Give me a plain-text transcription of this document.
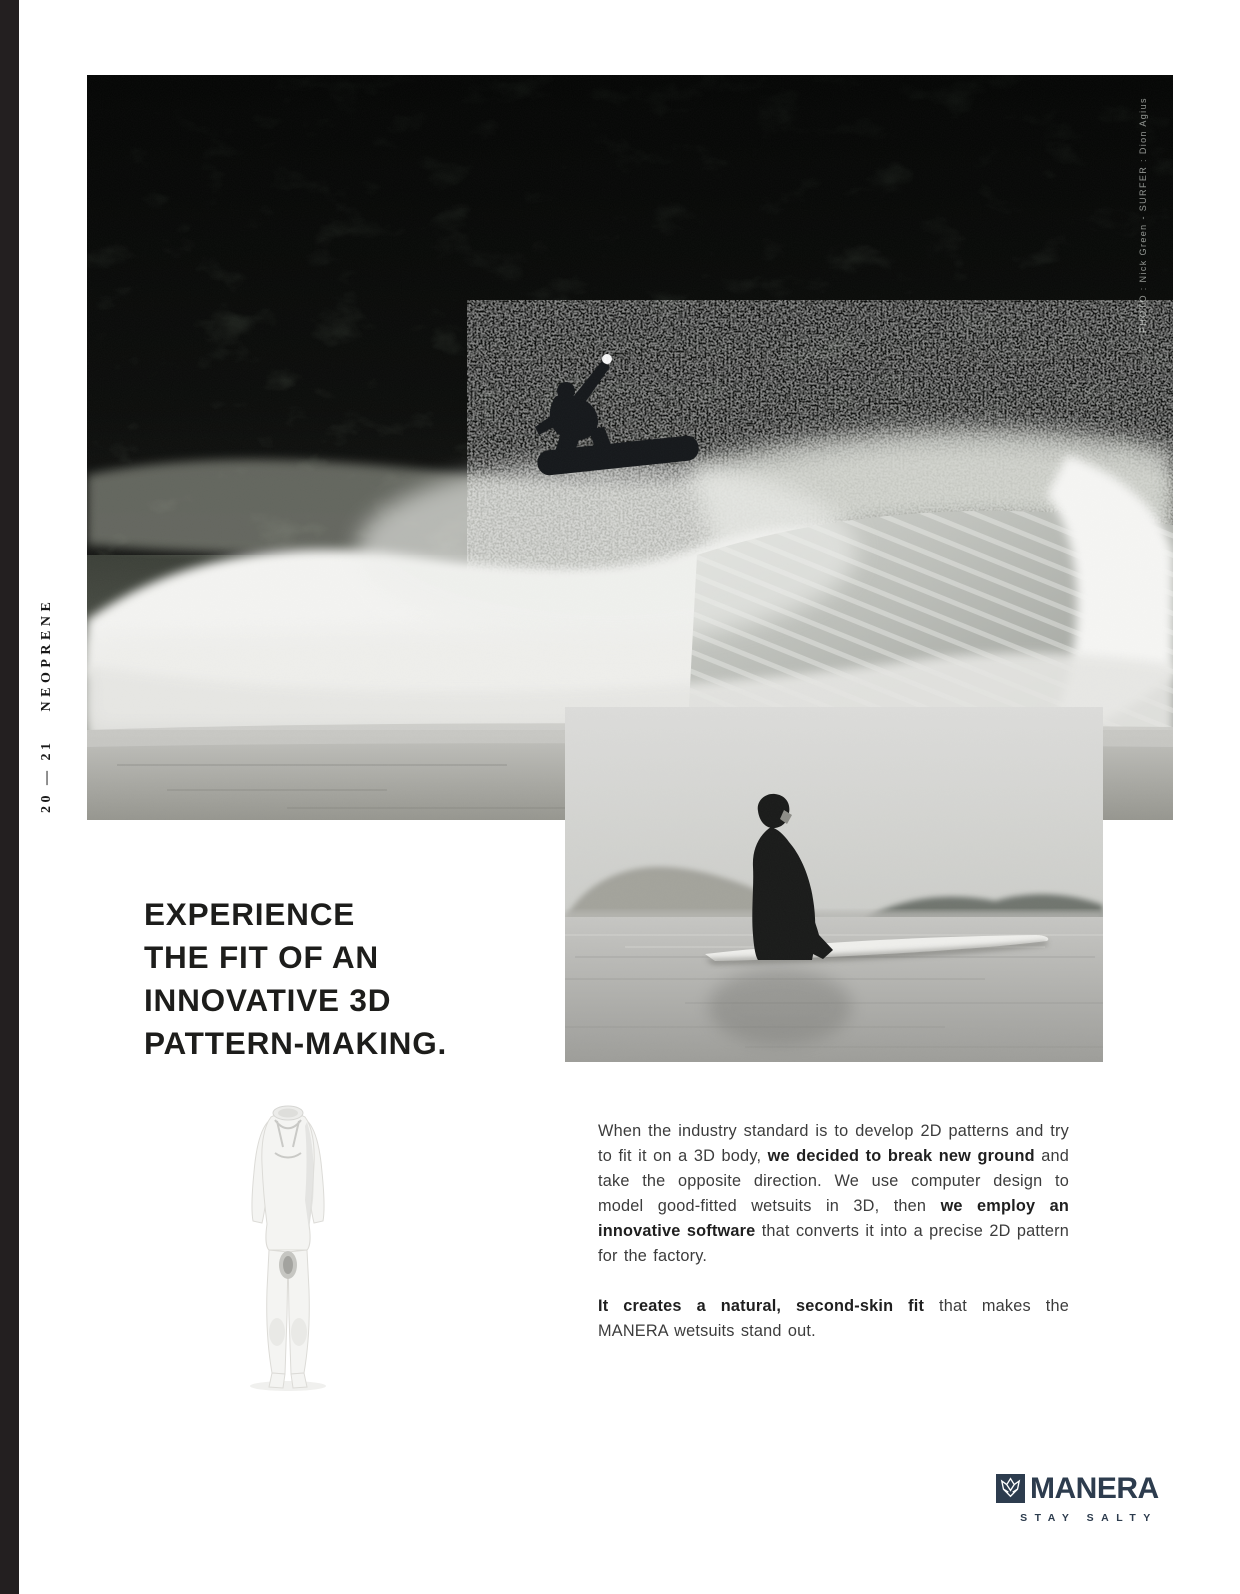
20 — 21
NEOPRENE
PHOTO : Nick Green - SURFER : Dion Agius
EXPERIENCE
THE FIT OF AN
INNOVATIVE 3D
PATTERN-MAKING.

When the industry standard is to develop 2D patterns and try to fit it on a 3D body, we decided to break new ground and take the opposite direction. We use computer design to model good-fitted wetsuits in 3D, then we employ an innovative software that converts it into a precise 2D pattern for the factory.

It creates a natural, second-skin fit that makes the MANERA wetsuits stand out.

MANERA
STAY SALTY
